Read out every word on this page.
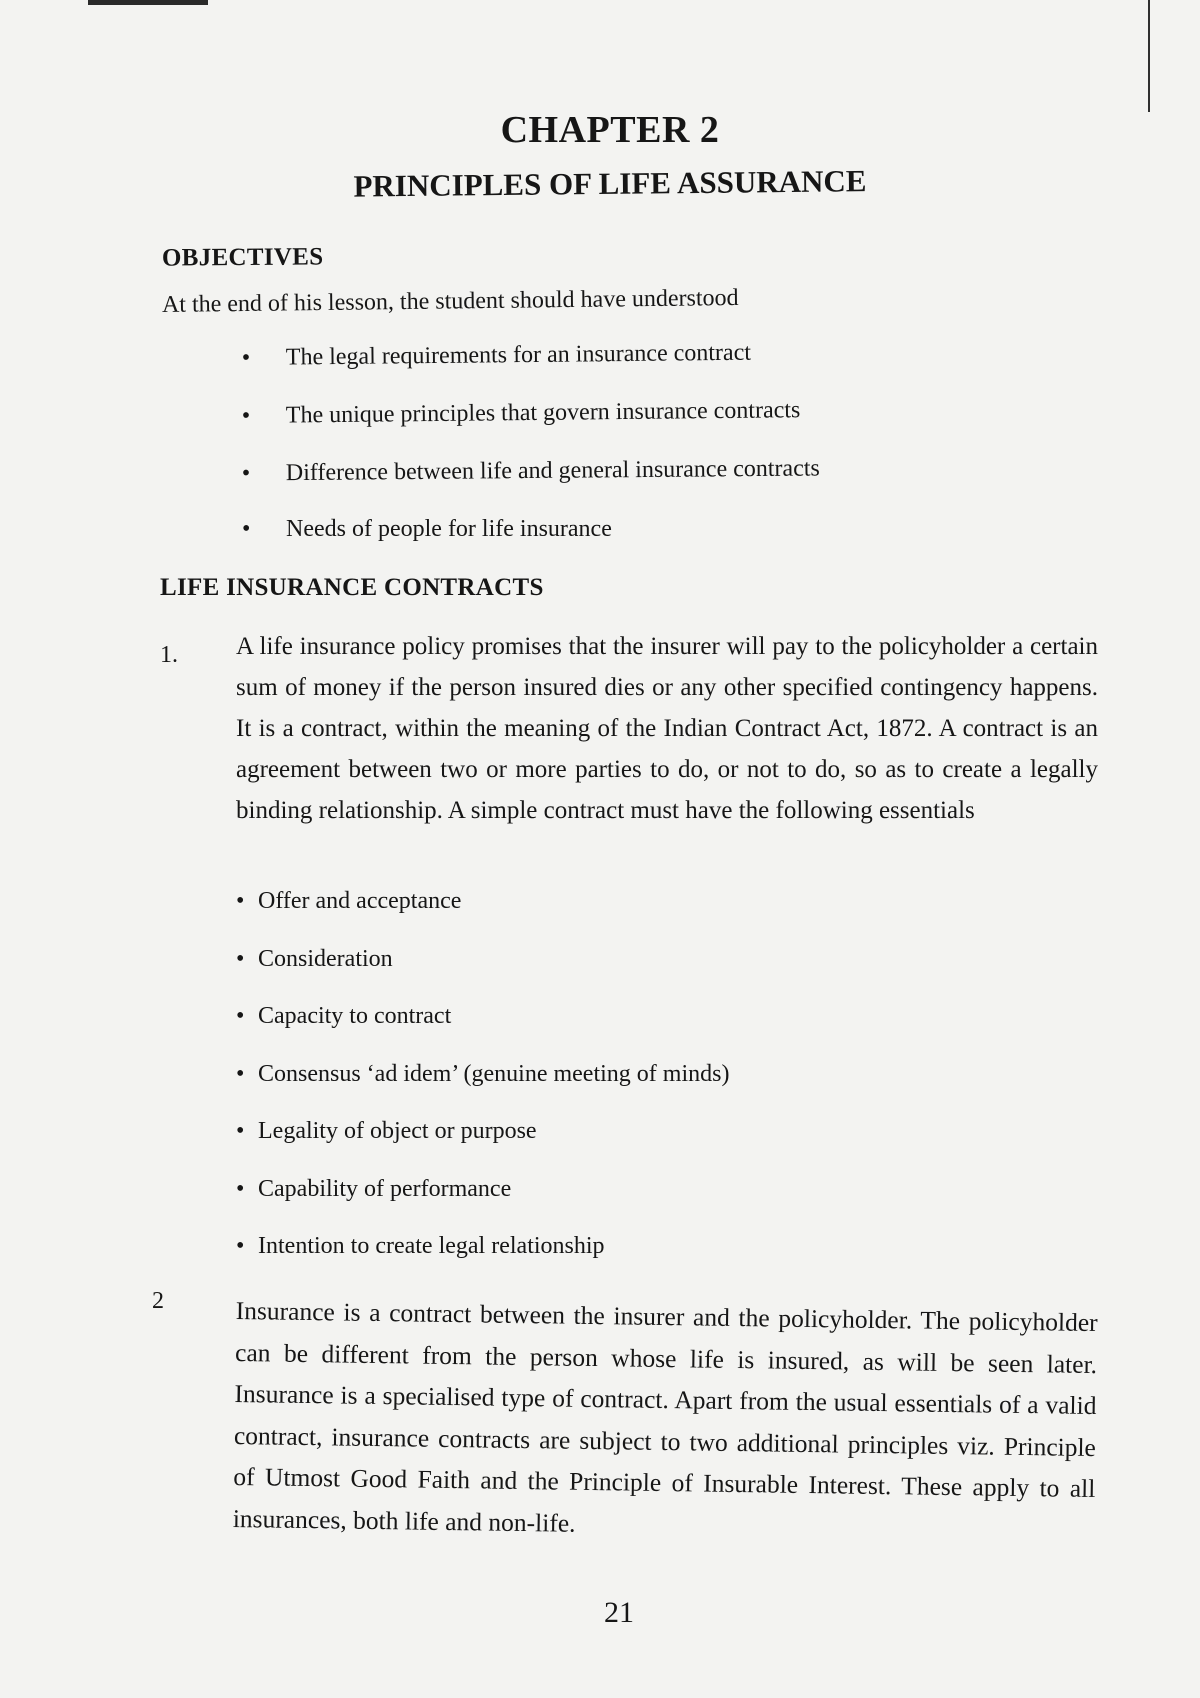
CHAPTER 2
PRINCIPLES OF LIFE ASSURANCE
OBJECTIVES
At the end of his lesson, the student should have understood
• The legal requirements for an insurance contract
• The unique principles that govern insurance contracts
• Difference between life and general insurance contracts
• Needs of people for life insurance
LIFE INSURANCE CONTRACTS
1. A life insurance policy promises that the insurer will pay to the policyholder a certain sum of money if the person insured dies or any other specified contingency happens. It is a contract, within the meaning of the Indian Contract Act, 1872. A contract is an agreement between two or more parties to do, or not to do, so as to create a legally binding relationship. A simple contract must have the following essentials

• Offer and acceptance
• Consideration
• Capacity to contract
• Consensus ‘ad idem’ (genuine meeting of minds)
• Legality of object or purpose
• Capability of performance
• Intention to create legal relationship
2	Insurance is a contract between the insurer and the policyholder. The policyholder can be different from the person whose life is insured, as will be seen later. Insurance is a specialised type of contract. Apart from the usual essentials of a valid contract, insurance contracts are subject to two additional principles viz. Principle of Utmost Good Faith and the Principle of Insurable Interest. These apply to all insurances, both life and non-life.

21
